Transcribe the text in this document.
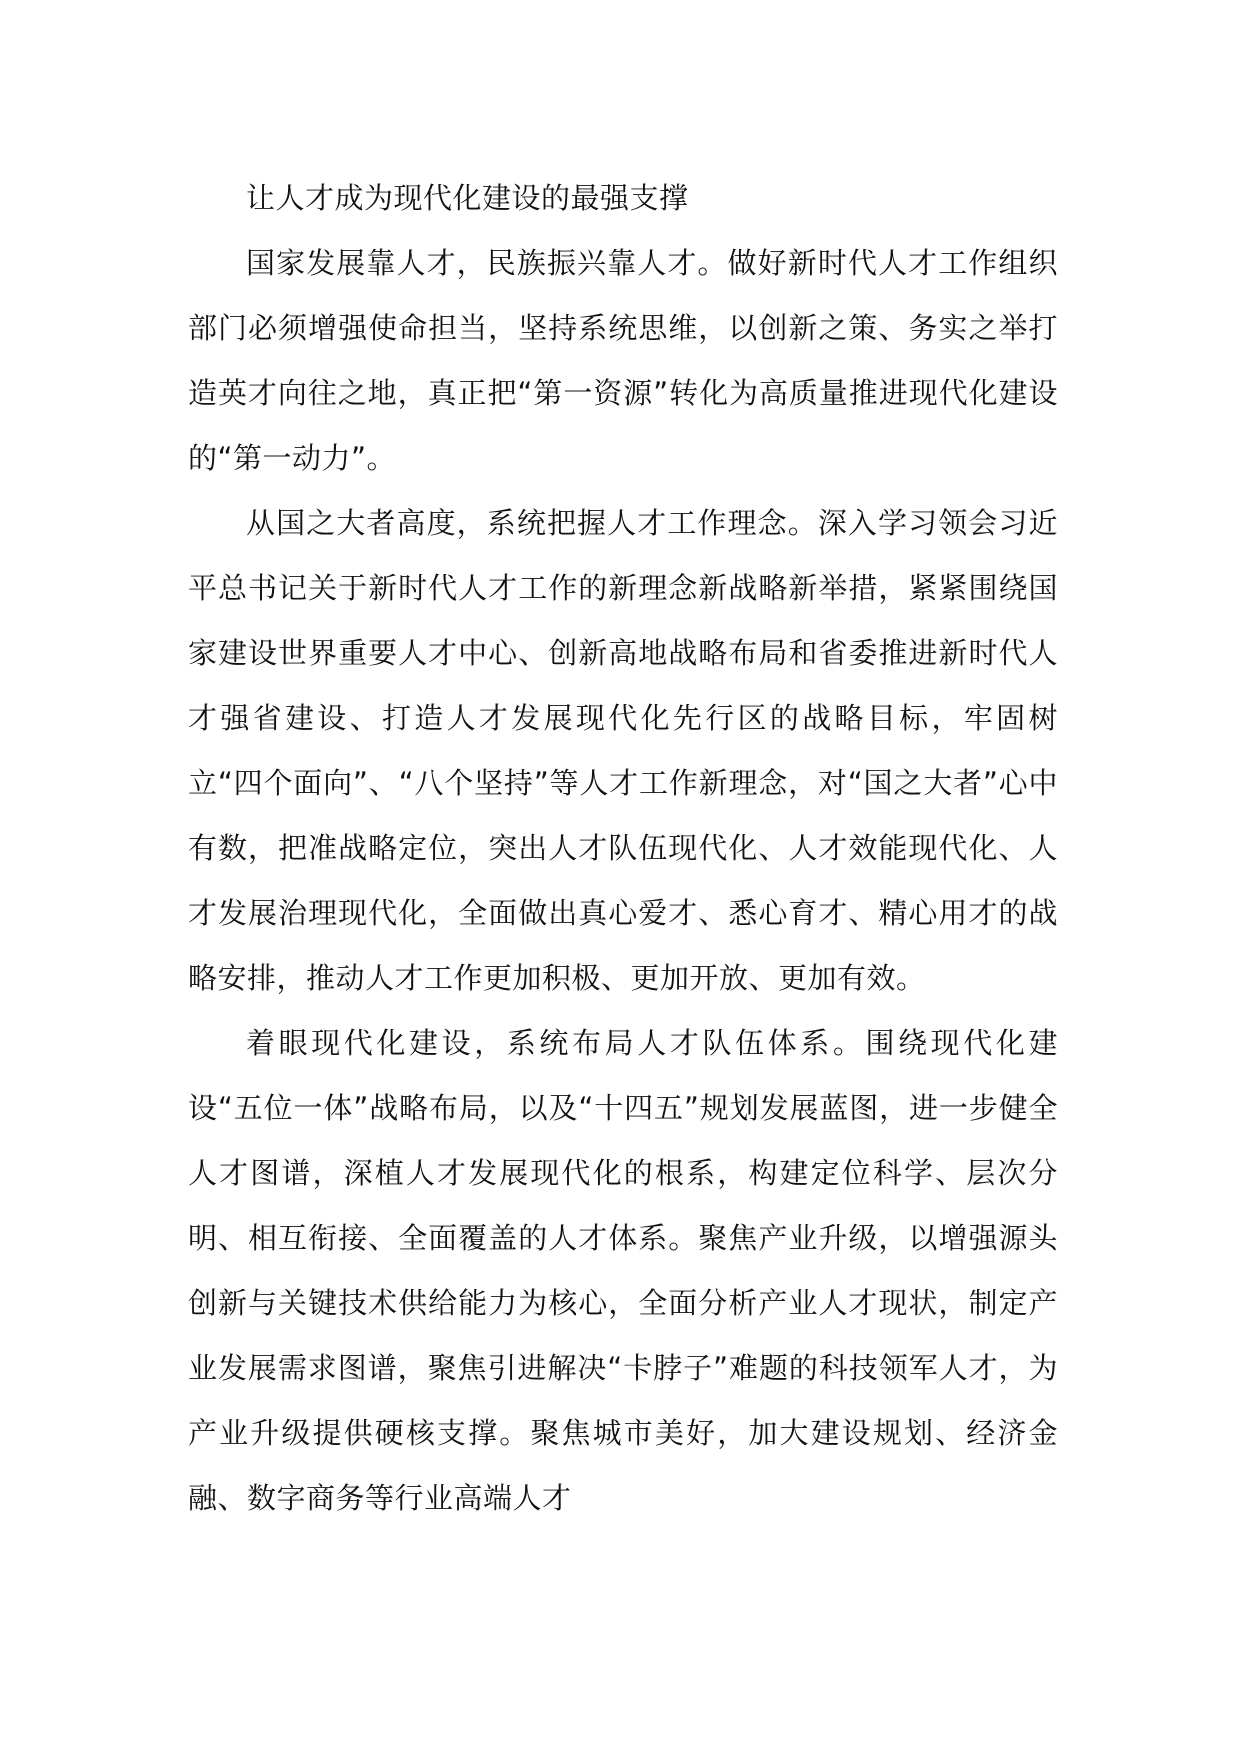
让人才成为现代化建设的最强支撑

国家发展靠人才，民族振兴靠人才。做好新时代人才工作组织部门必须增强使命担当，坚持系统思维，以创新之策、务实之举打造英才向往之地，真正把“第一资源”转化为高质量推进现代化建设的“第一动力”。

从国之大者高度，系统把握人才工作理念。深入学习领会习近平总书记关于新时代人才工作的新理念新战略新举措，紧紧围绕国家建设世界重要人才中心、创新高地战略布局和省委推进新时代人才强省建设、打造人才发展现代化先行区的战略目标，牢固树立“四个面向”、“八个坚持”等人才工作新理念，对“国之大者”心中有数，把准战略定位，突出人才队伍现代化、人才效能现代化、人才发展治理现代化，全面做出真心爱才、悉心育才、精心用才的战略安排，推动人才工作更加积极、更加开放、更加有效。

着眼现代化建设，系统布局人才队伍体系。围绕现代化建设“五位一体”战略布局，以及“十四五”规划发展蓝图，进一步健全人才图谱，深植人才发展现代化的根系，构建定位科学、层次分明、相互衔接、全面覆盖的人才体系。聚焦产业升级，以增强源头创新与关键技术供给能力为核心，全面分析产业人才现状，制定产业发展需求图谱，聚焦引进解决“卡脖子”难题的科技领军人才，为产业升级提供硬核支撑。聚焦城市美好，加大建设规划、经济金融、数字商务等行业高端人才
